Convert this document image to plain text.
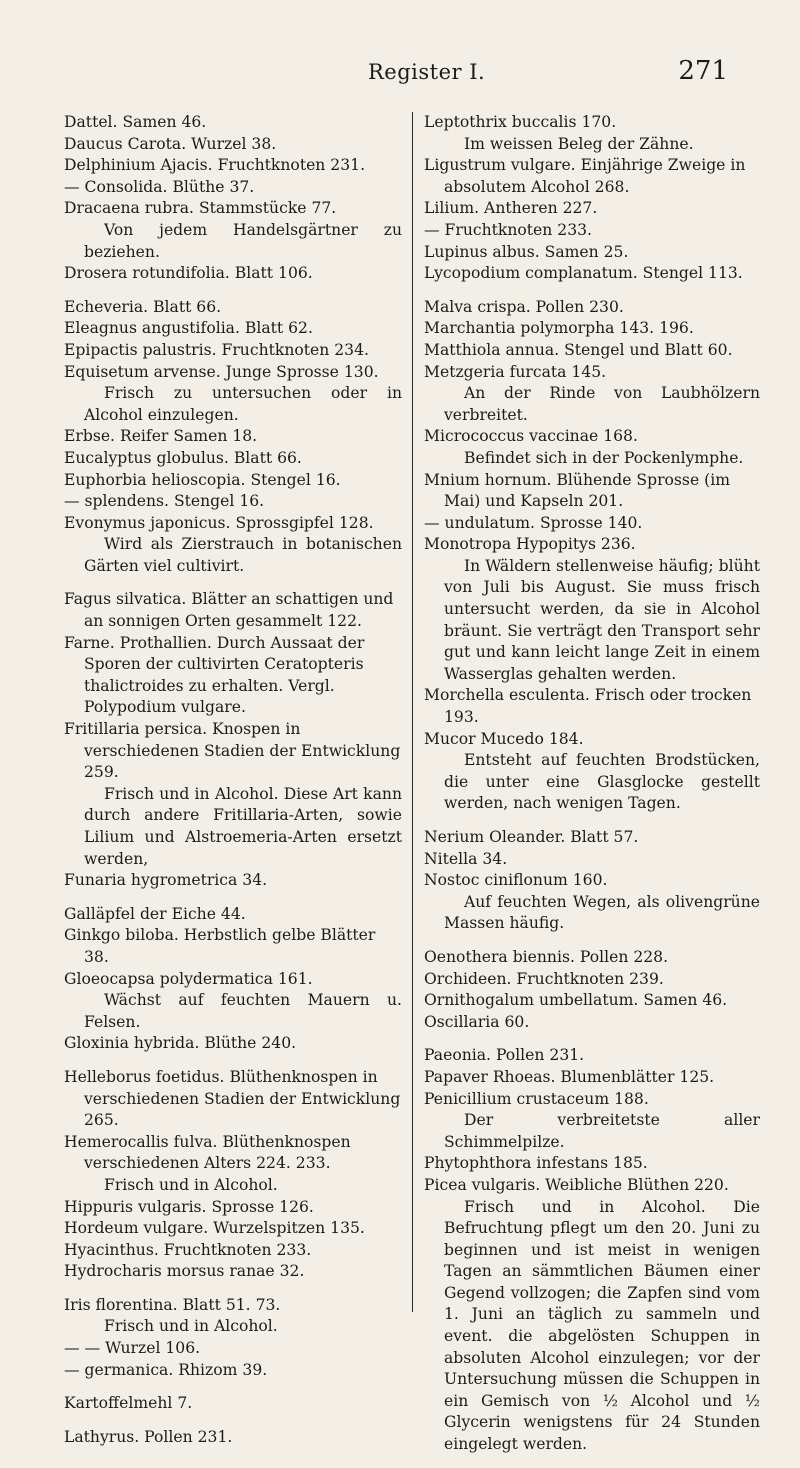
Register I.	271

Dattel. Samen 46.

Daucus Carota. Wurzel 38.

Delphinium Ajacis. Fruchtknoten 231.

— Consolida. Blüthe 37.

Dracaena rubra. Stammstücke 77.

Von jedem Handelsgärtner zu beziehen.

Drosera rotundifolia. Blatt 106.

Echeveria. Blatt 66.

Eleagnus angustifolia. Blatt 62.

Epipactis palustris. Fruchtknoten 234.

Equisetum arvense. Junge Sprosse 130.

Frisch zu untersuchen oder in Alcohol einzulegen.

Erbse. Reifer Samen 18.

Eucalyptus globulus. Blatt 66.

Euphorbia helioscopia. Stengel 16.

— splendens. Stengel 16.

Evonymus japonicus. Sprossgipfel 128.

Wird als Zierstrauch in botanischen Gärten viel cultivirt.

Fagus silvatica. Blätter an schattigen und an sonnigen Orten gesammelt 122.

Farne. Prothallien. Durch Aussaat der Sporen der cultivirten Ceratopteris thalictroides zu erhalten. Vergl. Polypodium vulgare.

Fritillaria persica. Knospen in verschiedenen Stadien der Entwicklung 259.

Frisch und in Alcohol. Diese Art kann durch andere Fritillaria-Arten, sowie Lilium und Alstroemeria-Arten ersetzt werden,

Funaria hygrometrica 34.

Galläpfel der Eiche 44.

Ginkgo biloba. Herbstlich gelbe Blätter 38.

Gloeocapsa polydermatica 161.

Wächst auf feuchten Mauern u. Felsen.

Gloxinia hybrida. Blüthe 240.

Helleborus foetidus. Blüthenknospen in verschiedenen Stadien der Entwicklung 265.

Hemerocallis fulva. Blüthenknospen verschiedenen Alters 224. 233.

Frisch und in Alcohol.

Hippuris vulgaris. Sprosse 126.

Hordeum vulgare. Wurzelspitzen 135.

Hyacinthus. Fruchtknoten 233.

Hydrocharis morsus ranae 32.

Iris florentina. Blatt 51. 73.

Frisch und in Alcohol.

— — Wurzel 106.

— germanica. Rhizom 39.

Kartoffelmehl 7.

Lathyrus. Pollen 231.

Leptothrix buccalis 170.

Im weissen Beleg der Zähne.

Ligustrum vulgare. Einjährige Zweige in absolutem Alcohol 268.

Lilium. Antheren 227.

— Fruchtknoten 233.

Lupinus albus. Samen 25.

Lycopodium complanatum. Stengel 113.

Malva crispa. Pollen 230.

Marchantia polymorpha 143. 196.

Matthiola annua. Stengel und Blatt 60.

Metzgeria furcata 145.

An der Rinde von Laubhölzern verbreitet.

Micrococcus vaccinae 168.

Befindet sich in der Pockenlymphe.

Mnium hornum. Blühende Sprosse (im Mai) und Kapseln 201.

— undulatum. Sprosse 140.

Monotropa Hypopitys 236.

In Wäldern stellenweise häufig; blüht von Juli bis August. Sie muss frisch untersucht werden, da sie in Alcohol bräunt. Sie verträgt den Transport sehr gut und kann leicht lange Zeit in einem Wasserglas gehalten werden.

Morchella esculenta. Frisch oder trocken 193.

Mucor Mucedo 184.

Entsteht auf feuchten Brodstücken, die unter eine Glasglocke gestellt werden, nach wenigen Tagen.

Nerium Oleander. Blatt 57.

Nitella 34.

Nostoc ciniflonum 160.

Auf feuchten Wegen, als olivengrüne Massen häufig.

Oenothera biennis. Pollen 228.

Orchideen. Fruchtknoten 239.

Ornithogalum umbellatum. Samen 46.

Oscillaria 60.

Paeonia. Pollen 231.

Papaver Rhoeas. Blumenblätter 125.

Penicillium crustaceum 188.

Der verbreitetste aller Schimmelpilze.

Phytophthora infestans 185.

Picea vulgaris. Weibliche Blüthen 220.

Frisch und in Alcohol. Die Befruchtung pflegt um den 20. Juni zu beginnen und ist meist in wenigen Tagen an sämmtlichen Bäumen einer Gegend vollzogen; die Zapfen sind vom 1. Juni an täglich zu sammeln und event. die abgelösten Schuppen in absoluten Alcohol einzulegen; vor der Untersuchung müssen die Schuppen in ein Gemisch von ½ Alcohol und ½ Glycerin wenigstens für 24 Stunden eingelegt werden.
